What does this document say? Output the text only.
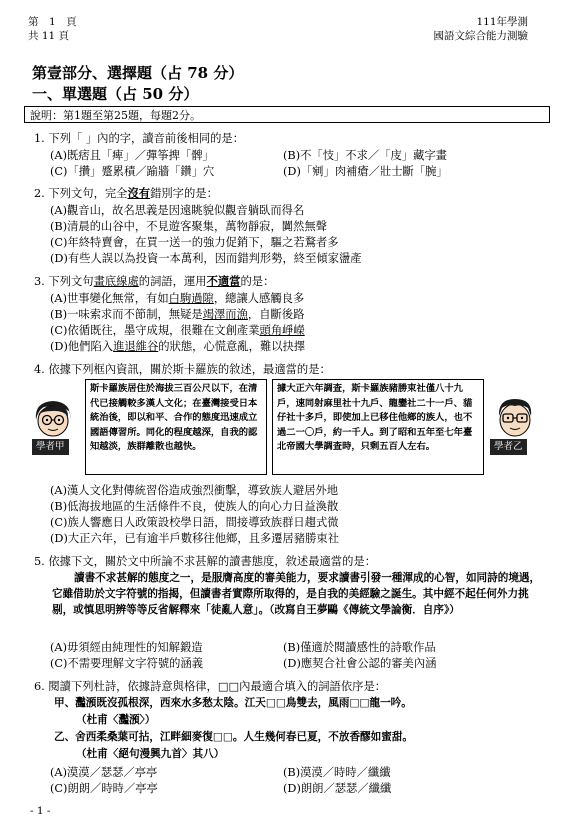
第　1　頁
共 11 頁
111年學測
國語文綜合能力測驗
第壹部分、選擇題（占 78 分）
一、單選題（占 50 分）
說明：第1題至第25題，每題2分。
1. 下列「 」內的字，讀音前後相同的是：
(A)既痞且「痺」／彈筝捭「髀」	(B)不「忮」不求／「庋」藏字畫
(C)「攢」蹙累積／踰牆「鑽」穴	(D)「剜」肉補瘡／壯士斷「腕」
2. 下列文句，完全沒有錯別字的是：
(A)觀音山，故名思義是因遠眺貌似觀音躺臥而得名
(B)清晨的山谷中，不見遊客聚集，萬物靜寂，闐然無聲
(C)年終特賣會，在買一送一的強力促銷下，驅之若鶩者多
(D)有些人誤以為投資一本萬利，因而錯判形勢，終至傾家盪產
3. 下列文句畫底線處的詞語，運用不適當的是：
(A)世事變化無常，有如白駒過隙，總讓人感觸良多
(B)一味索求而不節制，無疑是竭澤而漁，自斷後路
(C)依循既往，墨守成規，很難在文創產業頭角崢嶸
(D)他們陷入進退維谷的狀態，心慌意亂，難以抉擇
4. 依據下列框內資訊，關於斯卡羅族的敘述，最適當的是：
學者甲

斯卡羅族居住於海拔三百公尺以下，在清代已接觸較多漢人文化；在臺灣接受日本統治後，即以和平、合作的態度迅速成立國語傳習所。同化的程度越深，自我的認知越淡，族群離散也越快。

據大正六年調查，斯卡羅族豬勝束社僅八十九戶，速同射麻里社十九戶、龍鑾社二十一戶、貓仔社十多戶，即使加上已移住他鄉的族人，也不過二一〇戶，約一千人。到了昭和五年至七年臺北帝國大學調查時，只剩五百人左右。	學者乙
(A)漢人文化對傳統習俗造成強烈衝擊，導致族人避居外地
(B)低海拔地區的生活條件不良，使族人的向心力日益渙散
(C)族人響應日人政策設校學日語，間接導致族群日趨式微
(D)大正六年，已有逾半戶數移往他鄉，且多遷居豬勝束社
5. 依據下文，關於文中所論不求甚解的讀書態度，敘述最適當的是：
讀書不求甚解的態度之一，是服膺高度的審美能力，要求讀書引發一種渾成的心智，如同詩的境遇，它雖借助於文字符號的指揭，但讀書者實際所取得的，是自我的美經驗之誕生。其中經不起任何外力挑剔，或慎思明辨等等反省解釋來「徒亂人意」。（改寫自王夢鷗《傳統文學論衡．自序》）
(A)毋須經由純理性的知解鍛造	(B)僅適於閱讀感性的詩歌作品
(C)不需要理解文字符號的涵義	(D)應契合社會公認的審美內涵
6. 閱讀下列杜詩，依據詩意與格律，□□內最適合填入的詞語依序是：
甲、灩澦既沒孤根深，西來水多愁太陰。江天□□鳥雙去，風雨□□龍一吟。
（杜甫〈灩澦〉）
乙、舍西柔桑葉可拈，江畔細麥復□□。人生幾何春已夏，不放香醪如蜜甜。
（杜甫〈絕句漫興九首〉其八）
(A)漠漠／瑟瑟／亭亭	(B)漠漠／時時／纖纖
(C)朗朗／時時／亭亭	(D)朗朗／瑟瑟／纖纖
- 1 -
